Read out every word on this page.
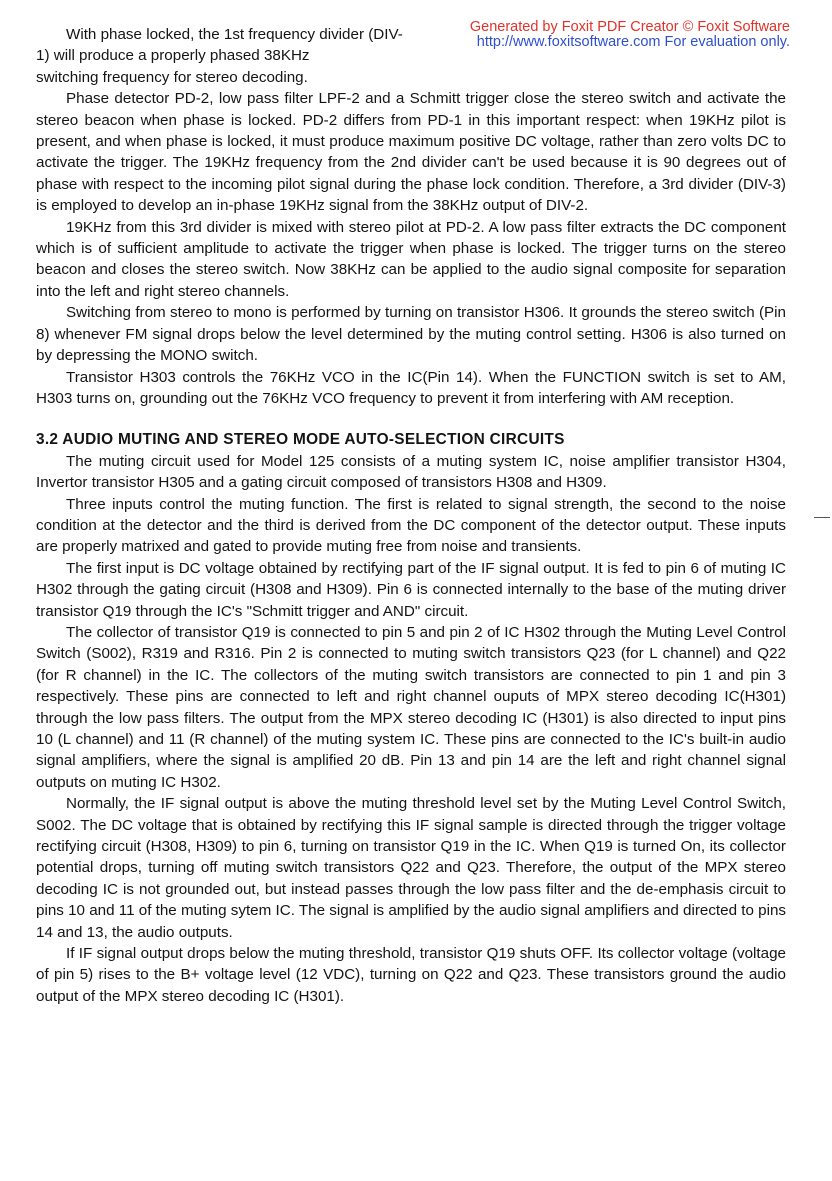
Generated by Foxit PDF Creator © Foxit Software
http://www.foxitsoftware.com For evaluation only.

With phase locked, the 1st frequency divider (DIV-1) will produce a properly phased 38KHz

switching frequency for stereo decoding.

Phase detector PD-2, low pass filter LPF-2 and a Schmitt trigger close the stereo switch and activate the stereo beacon when phase is locked. PD-2 differs from PD-1 in this important respect: when 19KHz pilot is present, and when phase is locked, it must produce maximum positive DC voltage, rather than zero volts DC to activate the trigger. The 19KHz frequency from the 2nd divider can't be used because it is 90 degrees out of phase with respect to the incoming pilot signal during the phase lock condition. Therefore, a 3rd divider (DIV-3) is employed to develop an in-phase 19KHz signal from the 38KHz output of DIV-2.

19KHz from this 3rd divider is mixed with stereo pilot at PD-2. A low pass filter extracts the DC component which is of sufficient amplitude to activate the trigger when phase is locked. The trigger turns on the stereo beacon and closes the stereo switch. Now 38KHz can be applied to the audio signal composite for separation into the left and right stereo channels.

Switching from stereo to mono is performed by turning on transistor H306. It grounds the stereo switch (Pin 8) whenever FM signal drops below the level determined by the muting control setting. H306 is also turned on by depressing the MONO switch.

Transistor H303 controls the 76KHz VCO in the IC(Pin 14). When the FUNCTION switch is set to AM, H303 turns on, grounding out the 76KHz VCO frequency to prevent it from interfering with AM reception.

3.2 AUDIO MUTING AND STEREO MODE AUTO-SELECTION CIRCUITS

The muting circuit used for Model 125 consists of a muting system IC, noise amplifier transistor H304, Invertor transistor H305 and a gating circuit composed of transistors H308 and H309.

Three inputs control the muting function. The first is related to signal strength, the second to the noise condition at the detector and the third is derived from the DC component of the detector output. These inputs are properly matrixed and gated to provide muting free from noise and transients.

The first input is DC voltage obtained by rectifying part of the IF signal output. It is fed to pin 6 of muting IC H302 through the gating circuit (H308 and H309). Pin 6 is connected internally to the base of the muting driver transistor Q19 through the IC's "Schmitt trigger and AND" circuit.

The collector of transistor Q19 is connected to pin 5 and pin 2 of IC H302 through the Muting Level Control Switch (S002), R319 and R316. Pin 2 is connected to muting switch transistors Q23 (for L channel) and Q22 (for R channel) in the IC. The collectors of the muting switch transistors are connected to pin 1 and pin 3 respectively. These pins are connected to left and right channel ouputs of MPX stereo decoding IC(H301) through the low pass filters. The output from the MPX stereo decoding IC (H301) is also directed to input pins 10 (L channel) and 11 (R channel) of the muting system IC. These pins are connected to the IC's built-in audio signal amplifiers, where the signal is amplified 20 dB. Pin 13 and pin 14 are the left and right channel signal outputs on muting IC H302.

Normally, the IF signal output is above the muting threshold level set by the Muting Level Control Switch, S002. The DC voltage that is obtained by rectifying this IF signal sample is directed through the trigger voltage rectifying circuit (H308, H309) to pin 6, turning on transistor Q19 in the IC. When Q19 is turned On, its collector potential drops, turning off muting switch transistors Q22 and Q23. Therefore, the output of the MPX stereo decoding IC is not grounded out, but instead passes through the low pass filter and the de-emphasis circuit to pins 10 and 11 of the muting sytem IC. The signal is amplified by the audio signal amplifiers and directed to pins 14 and 13, the audio outputs.

If IF signal output drops below the muting threshold, transistor Q19 shuts OFF. Its collector voltage (voltage of pin 5) rises to the B+ voltage level (12 VDC), turning on Q22 and Q23. These transistors ground the audio output of the MPX stereo decoding IC (H301).
